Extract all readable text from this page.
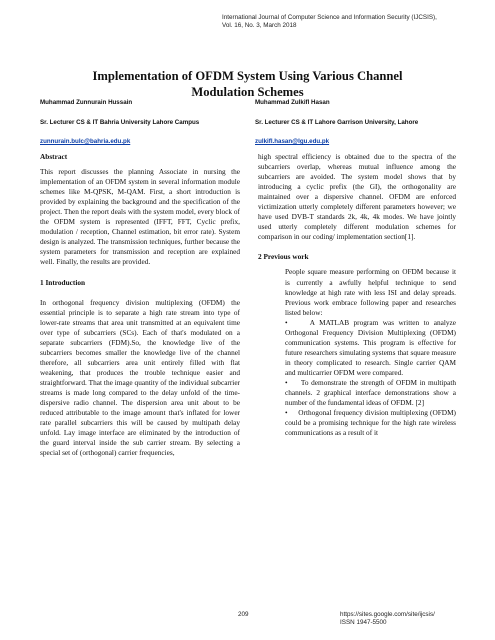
International Journal of Computer Science and Information Security (IJCSIS),
Vol. 16, No. 3, March 2018
Implementation of OFDM System Using Various Channel
Modulation Schemes
Muhammad Zunnurain Hussain	Muhammad Zulkifl Hasan
Sr. Lecturer CS & IT Bahria University Lahore Campus	Sr. Lecturer CS & IT Lahore Garrison University, Lahore
zunnurain.bulc@bahria.edu.pk	zulkifl.hasan@lgu.edu.pk

Abstract

This report discusses the planning Associate in nursing the implementation of an OFDM system in several information module schemes like M-QPSK, M-QAM. First, a short introduction is provided by explaining the background and the specification of the project. Then the report deals with the system model, every block of the OFDM system is represented (IFFT, FFT, Cyclic prefix, modulation / reception, Channel estimation, bit error rate). System design is analyzed. The transmission techniques, further because the system parameters for transmission and reception are explained well. Finally, the results are provided.

1 Introduction

In orthogonal frequency division multiplexing (OFDM) the essential principle is to separate a high rate stream into type of lower-rate streams that area unit transmitted at an equivalent time over type of subcarriers (SCs). Each of that's modulated on a separate subcarriers (FDM).So, the knowledge live of the subcarriers becomes smaller the knowledge live of the channel therefore, all subcarriers area unit entirely filled with flat weakening, that produces the trouble technique easier and straightforward. That the image quantity of the individual subcarrier streams is made long compared to the delay unfold of the time-dispersive radio channel. The dispersion area unit about to be reduced attributable to the image amount that's inflated for lower rate parallel subcarriers this will be caused by multipath delay unfold. Lay image interface are eliminated by the introduction of the guard interval inside the sub carrier stream. By selecting a special set of (orthogonal) carrier frequencies,

high spectral efficiency is obtained due to the spectra of the subcarriers overlap, whereas mutual influence among the subcarriers are avoided. The system model shows that by introducing a cyclic prefix (the GI), the orthogonality are maintained over a dispersive channel. OFDM are enforced victimization utterly completely different parameters however; we have used DVB-T standards 2k, 4k, 4k modes. We have jointly used utterly completely different modulation schemes for comparison in our coding/ implementation section[1].

2 Previous work

People square measure performing on OFDM because it is currently a awfully helpful technique to send knowledge at high rate with less ISI and delay spreads. Previous work embrace following paper and researches listed below:

•	A MATLAB program was written to analyze Orthogonal Frequency Division Multiplexing (OFDM) communication systems. This program is effective for future researchers simulating systems that square measure in theory complicated to research. Single carrier QAM and multicarrier OFDM were compared.

• To demonstrate the strength of OFDM in multipath channels. 2 graphical interface demonstrations show a number of the fundamental ideas of OFDM. [2]

• Orthogonal frequency division multiplexing (OFDM) could be a promising technique for the high rate wireless communications as a result of it

209	https://sites.google.com/site/ijcsis/
ISSN 1947-5500
